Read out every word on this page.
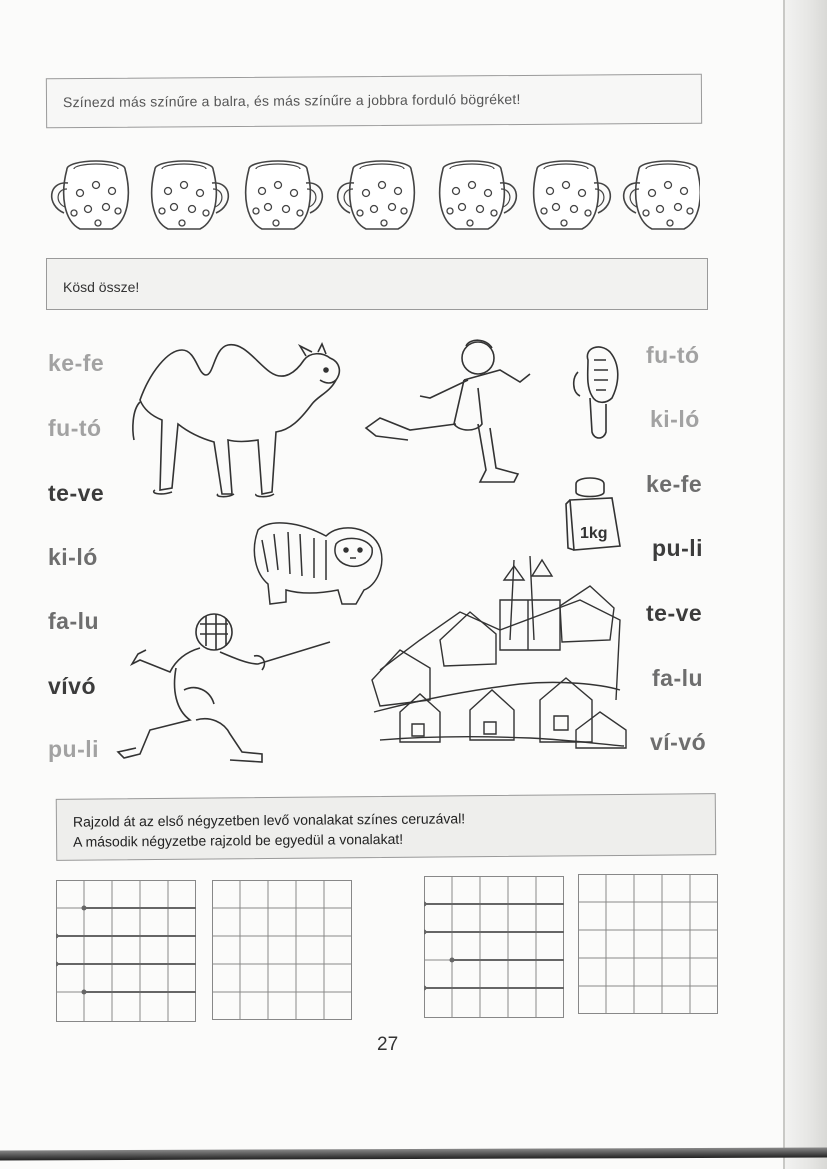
Színezd más színűre a balra, és más színűre a jobbra forduló bögréket!
Kösd össze!
ke-fe
fu-tó
te-ve
ki-ló
fa-lu
vívó
pu-li
fu-tó
ki-ló
ke-fe
pu-li
te-ve
fa-lu
ví-vó
1kg
Rajzold át az első négyzetben levő vonalakat színes ceruzával!
A második négyzetbe rajzold be egyedül a vonalakat!
27
